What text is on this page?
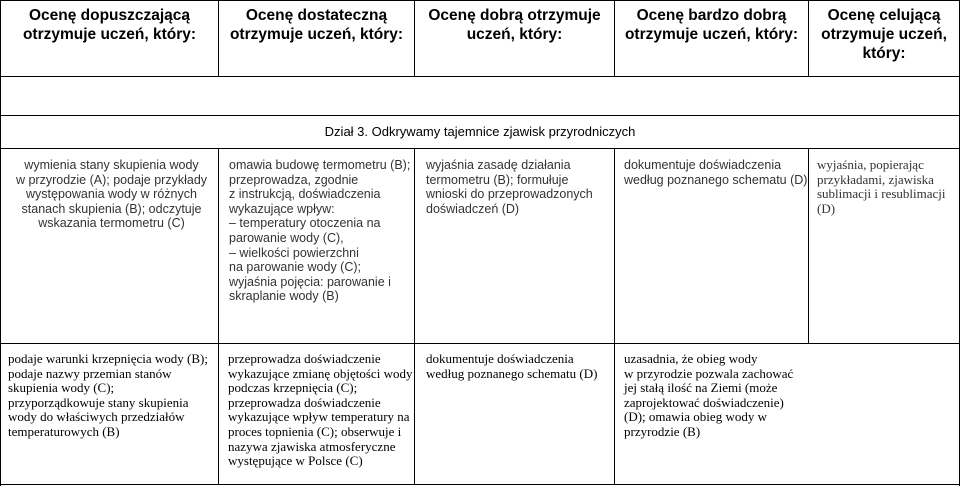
Ocenę dopuszczającą
otrzymuje uczeń, który:
Ocenę dostateczną
otrzymuje uczeń, który:
Ocenę dobrą otrzymuje
uczeń, który:
Ocenę bardzo dobrą
otrzymuje uczeń, który:
Ocenę celującą
otrzymuje uczeń,
który:
Dział 3. Odkrywamy tajemnice zjawisk przyrodniczych
wymienia stany skupienia wody
w przyrodzie (A); podaje przykłady
występowania wody w różnych
stanach skupienia (B); odczytuje
wskazania termometru (C)
omawia budowę termometru (B);
przeprowadza, zgodnie
z instrukcją, doświadczenia
wykazujące wpływ:
– temperatury otoczenia na
parowanie wody (C),
– wielkości powierzchni
na parowanie wody (C);
wyjaśnia pojęcia: parowanie i
skraplanie wody (B)
wyjaśnia zasadę działania
termometru (B); formułuje
wnioski do przeprowadzonych
doświadczeń (D)
dokumentuje doświadczenia
według poznanego schematu (D)
wyjaśnia, popierając
przykładami, zjawiska
sublimacji i resublimacji
(D)
podaje warunki krzepnięcia wody (B);
podaje nazwy przemian stanów
skupienia wody (C);
przyporządkowuje stany skupienia
wody do właściwych przedziałów
temperaturowych (B)
przeprowadza doświadczenie
wykazujące zmianę objętości wody
podczas krzepnięcia (C);
przeprowadza doświadczenie
wykazujące wpływ temperatury na
proces topnienia (C); obserwuje i
nazywa zjawiska atmosferyczne
występujące w Polsce (C)
dokumentuje doświadczenia
według poznanego schematu (D)
uzasadnia, że obieg wody
w przyrodzie pozwala zachować
jej stałą ilość na Ziemi (może
zaprojektować doświadczenie)
(D); omawia obieg wody w
przyrodzie (B)
